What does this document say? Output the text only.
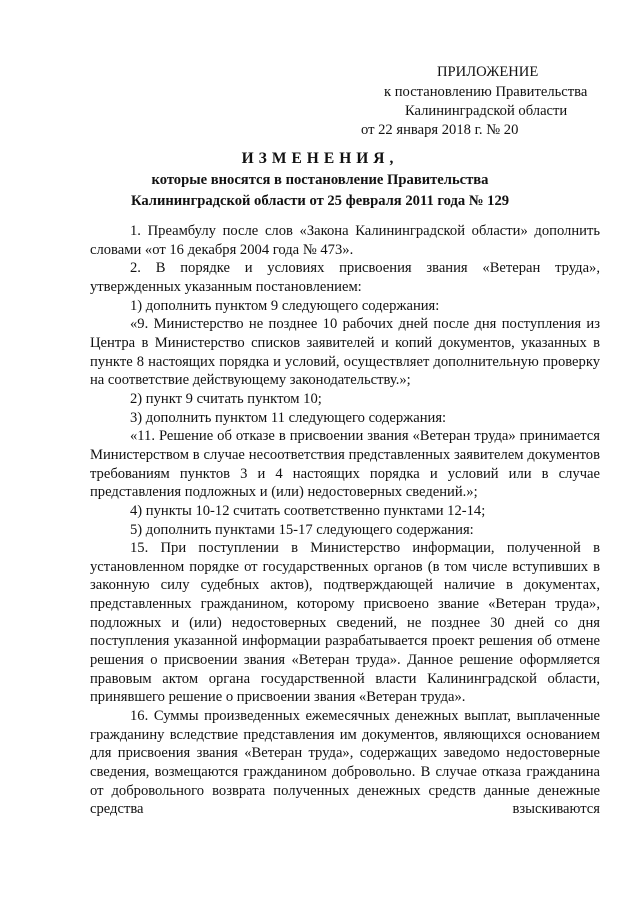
ПРИЛОЖЕНИЕ
к постановлению Правительства
Калининградской области
от 22 января 2018 г. № 20
ИЗМЕНЕНИЯ,
которые вносятся в постановление Правительства
Калининградской области от 25 февраля 2011 года № 129

1. Преамбулу после слов «Закона Калининградской области» дополнить словами «от 16 декабря 2004 года № 473».

2. В порядке и условиях присвоения звания «Ветеран труда», утвержденных указанным постановлением:

1) дополнить пунктом 9 следующего содержания:

«9. Министерство не позднее 10 рабочих дней после дня поступления из Центра в Министерство списков заявителей и копий документов, указанных в пункте 8 настоящих порядка и условий, осуществляет дополнительную проверку на соответствие действующему законодательству.»;

2) пункт 9 считать пунктом 10;

3) дополнить пунктом 11 следующего содержания:

«11. Решение об отказе в присвоении звания «Ветеран труда» принимается Министерством в случае несоответствия представленных заявителем документов требованиям пунктов 3 и 4 настоящих порядка и условий или в случае представления подложных и (или) недостоверных сведений.»;

4) пункты 10-12 считать соответственно пунктами 12-14;

5) дополнить пунктами 15-17 следующего содержания:

15. При поступлении в Министерство информации, полученной в установленном порядке от государственных органов (в том числе вступивших в законную силу судебных актов), подтверждающей наличие в документах, представленных гражданином, которому присвоено звание «Ветеран труда», подложных и (или) недостоверных сведений, не позднее 30 дней со дня поступления указанной информации разрабатывается проект решения об отмене решения о присвоении звания «Ветеран труда». Данное решение оформляется правовым актом органа государственной власти Калининградской области, принявшего решение о присвоении звания «Ветеран труда».

16. Суммы произведенных ежемесячных денежных выплат, выплаченные гражданину вследствие представления им документов, являющихся основанием для присвоения звания «Ветеран труда», содержащих заведомо недостоверные сведения, возмещаются гражданином добровольно. В случае отказа гражданина от добровольного возврата полученных денежных средств данные денежные средства взыскиваются
